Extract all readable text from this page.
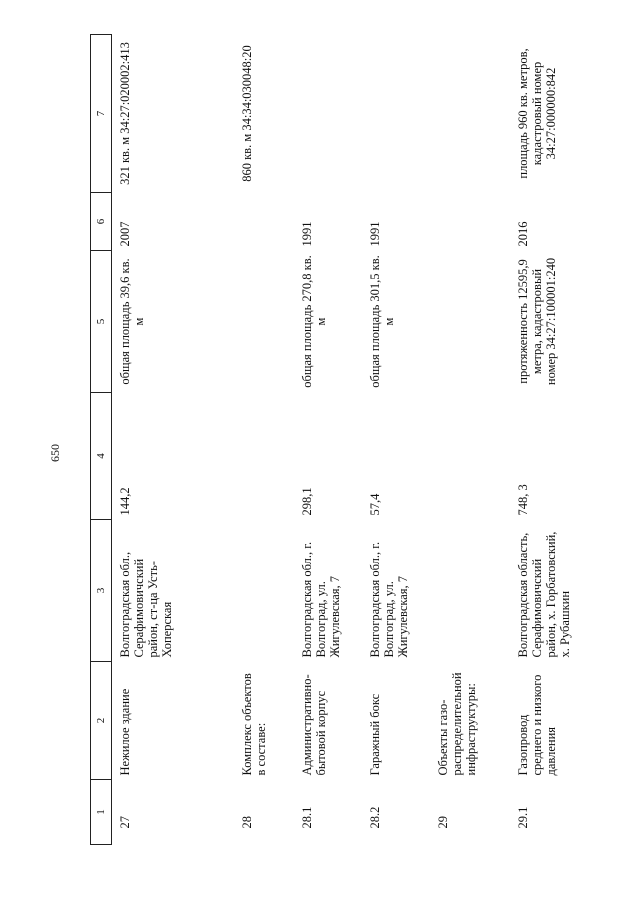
650
1	2	3	4	5	6	7
27	Нежилое здание	Волгоградская обл., Серафимовичский район, ст-ца Усть-Хоперская	144,2	общая площадь 39,6 кв. м	2007	321 кв. м 34:27:020002:413
28	Комплекс объектов в составе:					860 кв. м 34:34:030048:20
28.1	Административно-бытовой корпус	Волгоградская обл., г. Волгоград, ул. Жигулевская, 7	298,1	общая площадь 270,8 кв. м	1991	
28.2	Гаражный бокс	Волгоградская обл., г. Волгоград, ул. Жигулевская, 7	57,4	общая площадь 301,5 кв. м	1991	
29	Объекты газо-распределительной инфраструктуры:					
29.1	Газопровод среднего и низкого давления	Волгоградская область, Серафимовичский район, х. Горбатовский, х. Рубашкин	748, 3	протяженность 12595,9 метра, кадастровый номер 34:27:100001:240	2016	площадь 960 кв. метров, кадастровый номер 34:27:000000:842
